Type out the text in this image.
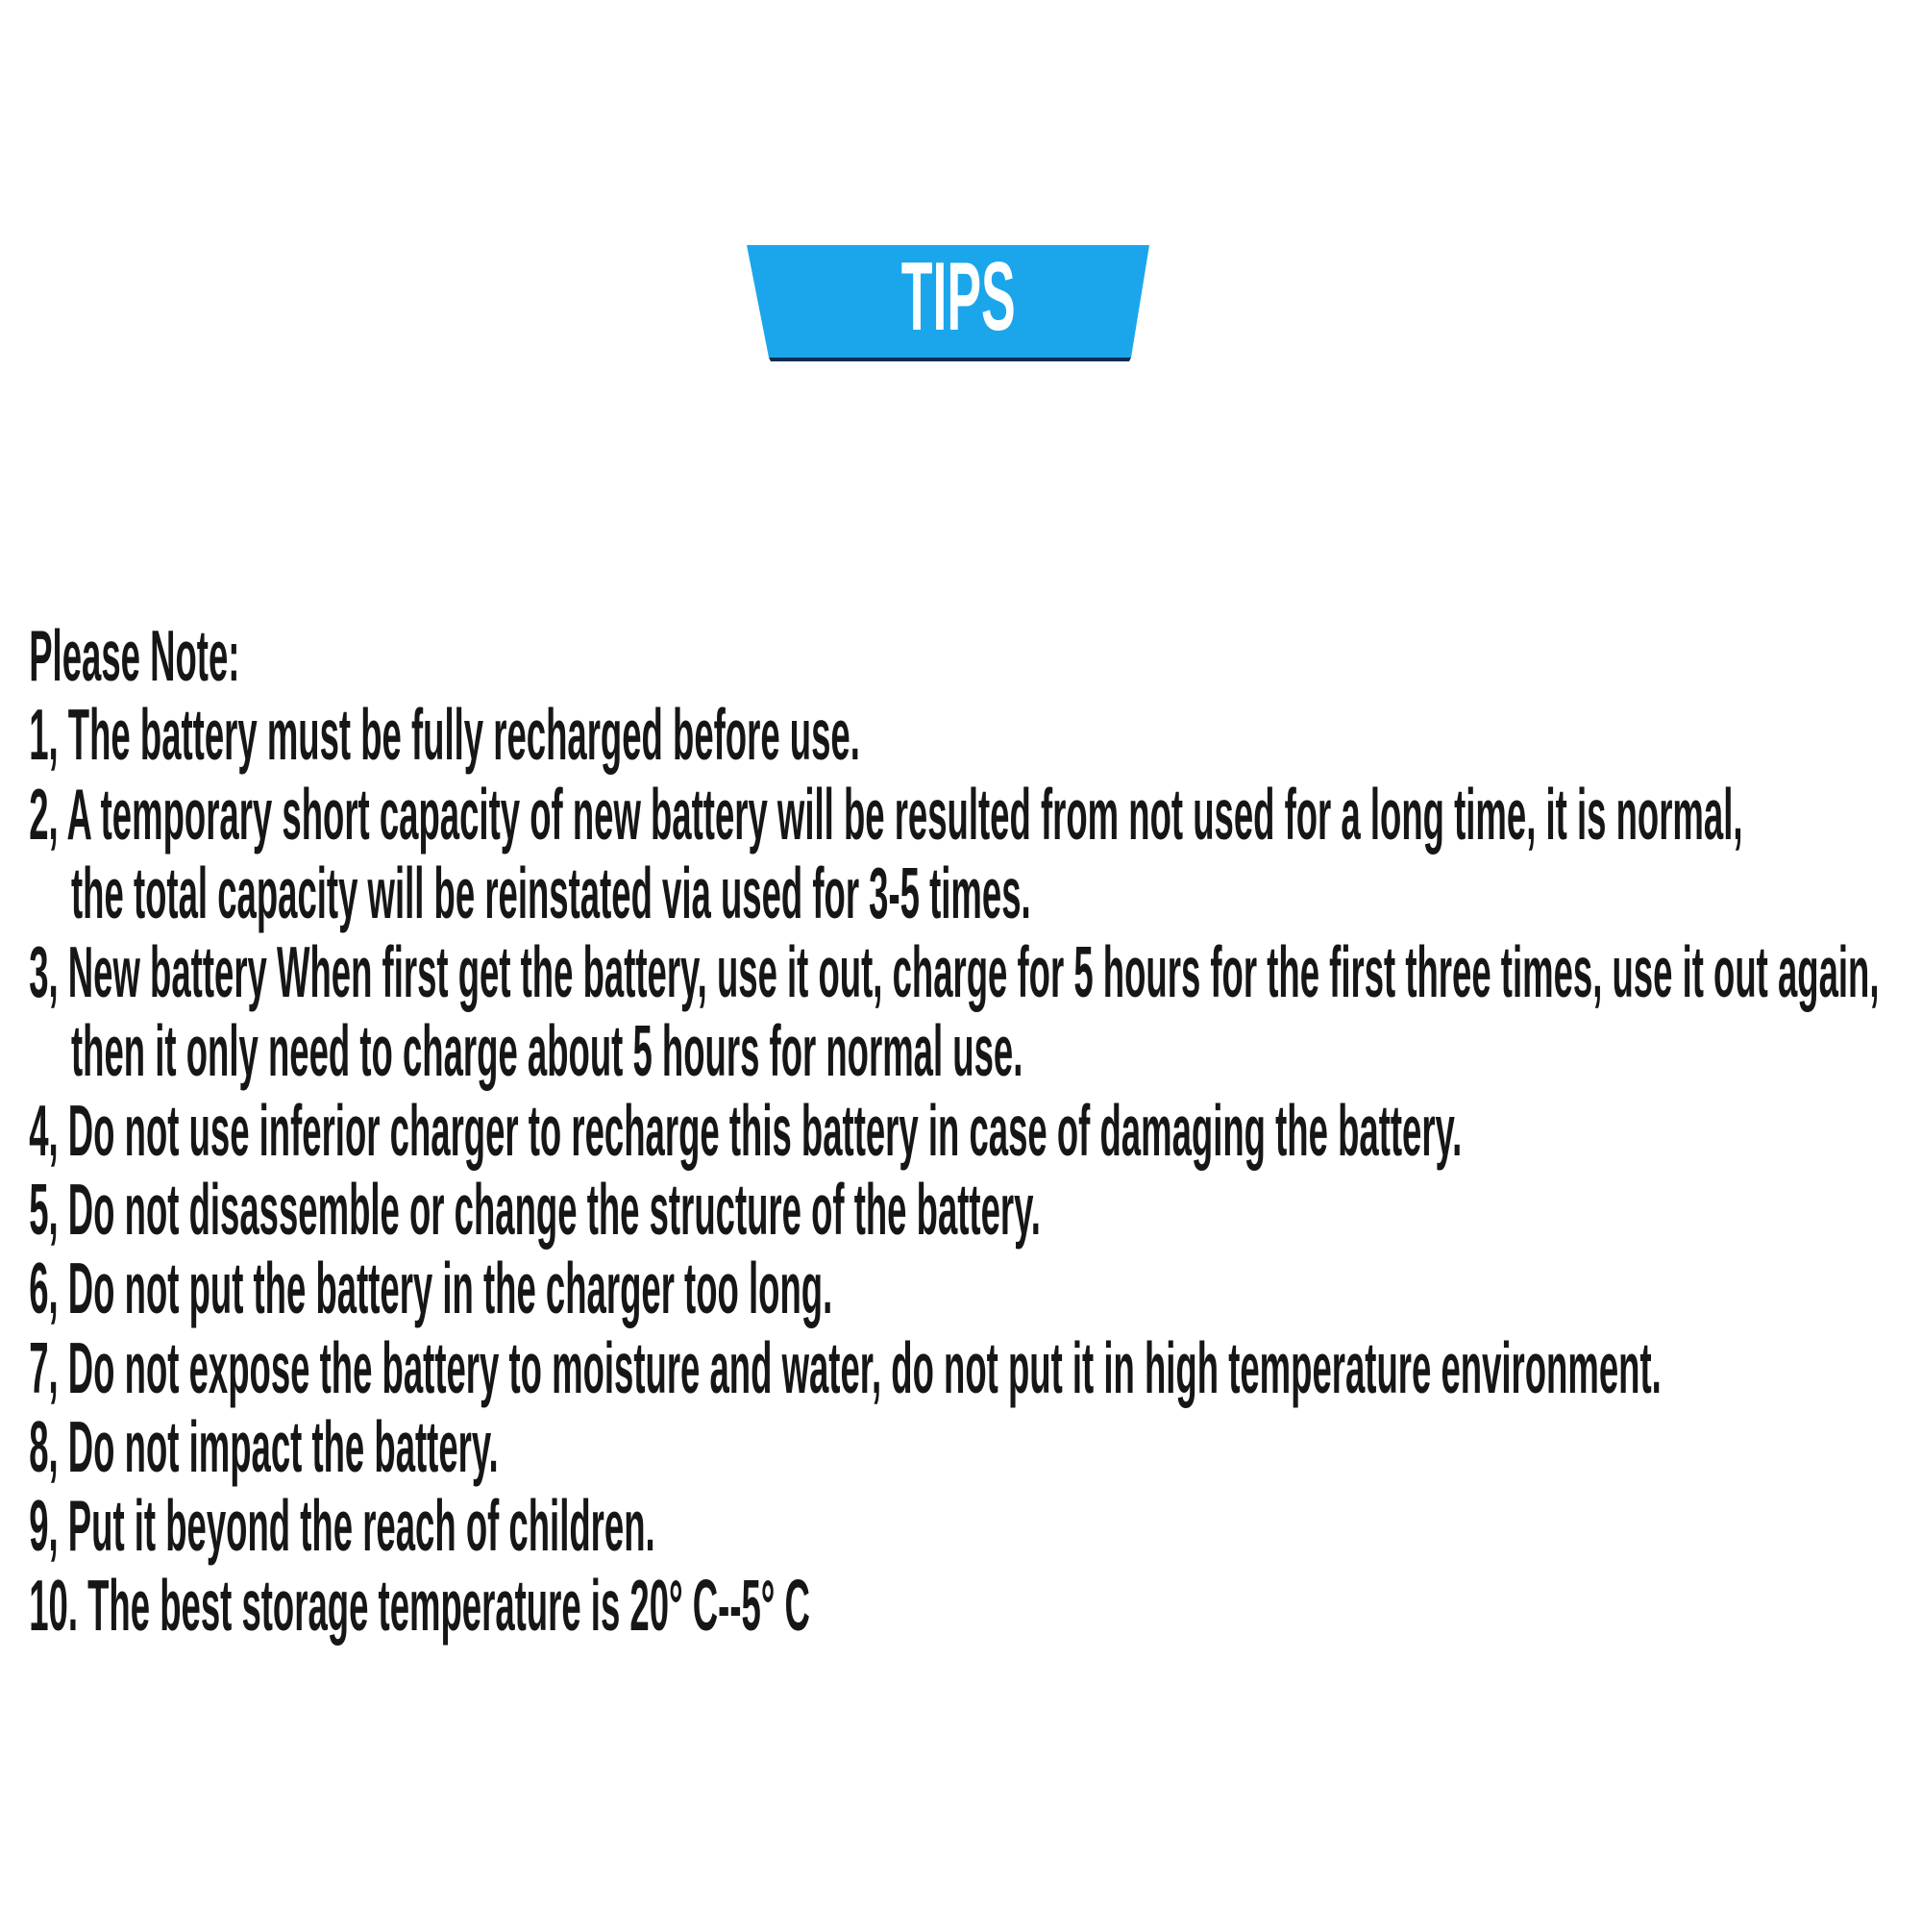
TIPS
Please Note:
1, The battery must be fully recharged before use.
2, A temporary short capacity of new battery will be resulted from not used for a long time, it is normal,
the total capacity will be reinstated via used for 3-5 times.
3, New battery When first get the battery, use it out, charge for 5 hours for the first three times, use it out again,
then it only need to charge about 5 hours for normal use.
4, Do not use inferior charger to recharge this battery in case of damaging the battery.
5, Do not disassemble or change the structure of the battery.
6, Do not put the battery in the charger too long.
7, Do not expose the battery to moisture and water, do not put it in high temperature environment.
8, Do not impact the battery.
9, Put it beyond the reach of children.
10. The best storage temperature is 20° C--5° C
